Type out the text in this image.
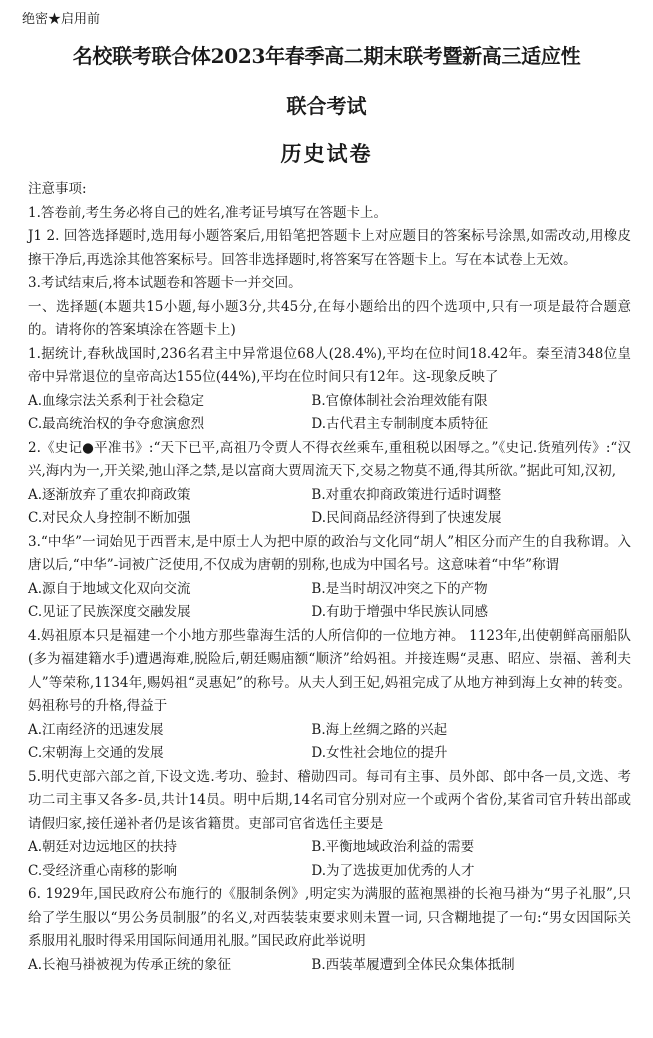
绝密★启用前
名校联考联合体2023年春季高二期末联考暨新高三适应性
联合考试
历史试卷

注意事项:

1.答卷前,考生务必将自己的姓名,准考证号填写在答题卡上。

J1 2. 回答选择题时,选用每小题答案后,用铅笔把答题卡上对应题目的答案标号涂黑,如需改动,用橡皮擦干净后,再选涂其他答案标号。回答非选择题时,将答案写在答题卡上。写在本试卷上无效。

3.考试结束后,将本试题卷和答题卡一并交回。

一、选择题(本题共15小题,每小题3分,共45分,在每小题给出的四个选项中,只有一项是最符合题意的。请将你的答案填涂在答题卡上)

1.据统计,春秋战国时,236名君主中异常退位68人(28.4%),平均在位时间18.42年。秦至清348位皇帝中异常退位的皇帝高达155位(44%),平均在位时间只有12年。这-现象反映了

A.血缘宗法关系利于社会稳定	B.官僚体制社会治理效能有限
C.最高统治权的争夺愈演愈烈	D.古代君主专制制度本质特征

2.《史记●平准书》:“天下已平,高祖乃令贾人不得衣丝乘车,重租税以困辱之。”《史记.货殖列传》:“汉兴,海内为一,开关梁,弛山泽之禁,是以富商大贾周流天下,交易之物莫不通,得其所欲。”据此可知,汉初,

A.逐渐放弃了重农抑商政策	B.对重农抑商政策进行适时调整
C.对民众人身控制不断加强	D.民间商品经济得到了快速发展

3.“中华”一词始见于西晋末,是中原士人为把中原的政治与文化同“胡人”相区分而产生的自我称谓。入唐以后,“中华”-词被广泛使用,不仅成为唐朝的别称,也成为中国名号。这意味着“中华”称谓

A.源自于地域文化双向交流	B.是当时胡汉冲突之下的产物
C.见证了民族深度交融发展	D.有助于增强中华民族认同感

4.妈祖原本只是福建一个小地方那些靠海生活的人所信仰的一位地方神。 1123年,出使朝鲜高丽船队(多为福建籍水手)遭遇海难,脱险后,朝廷赐庙额“顺济”给妈祖。并接连赐“灵惠、昭应、崇福、善利夫人”等荣称,1134年,赐妈祖“灵惠妃”的称号。从夫人到王妃,妈祖完成了从地方神到海上女神的转变。妈祖称号的升格,得益于

A.江南经济的迅速发展	B.海上丝绸之路的兴起
C.宋朝海上交通的发展	D.女性社会地位的提升

5.明代吏部六部之首,下设文选.考功、验封、稽勋四司。每司有主事、员外郎、郎中各一员,文选、考功二司主事又各多-员,共计14员。明中后期,14名司官分别对应一个或两个省份,某省司官升转出部或请假归家,接任递补者仍是该省籍贯。吏部司官省选任主要是

A.朝廷对边远地区的扶持	B.平衡地域政治利益的需要
C.受经济重心南移的影响	D.为了选拔更加优秀的人才

6. 1929年,国民政府公布施行的《服制条例》,明定实为满服的蓝袍黑褂的长袍马褂为“男子礼服”,只给了学生服以“男公务员制服”的名义,对西装装束要求则未置一词, 只含糊地提了一句:“男女因国际关系服用礼服时得采用国际间通用礼服。”国民政府此举说明

A.长袍马褂被视为传承正统的象征	B.西装革履遭到全体民众集体抵制
